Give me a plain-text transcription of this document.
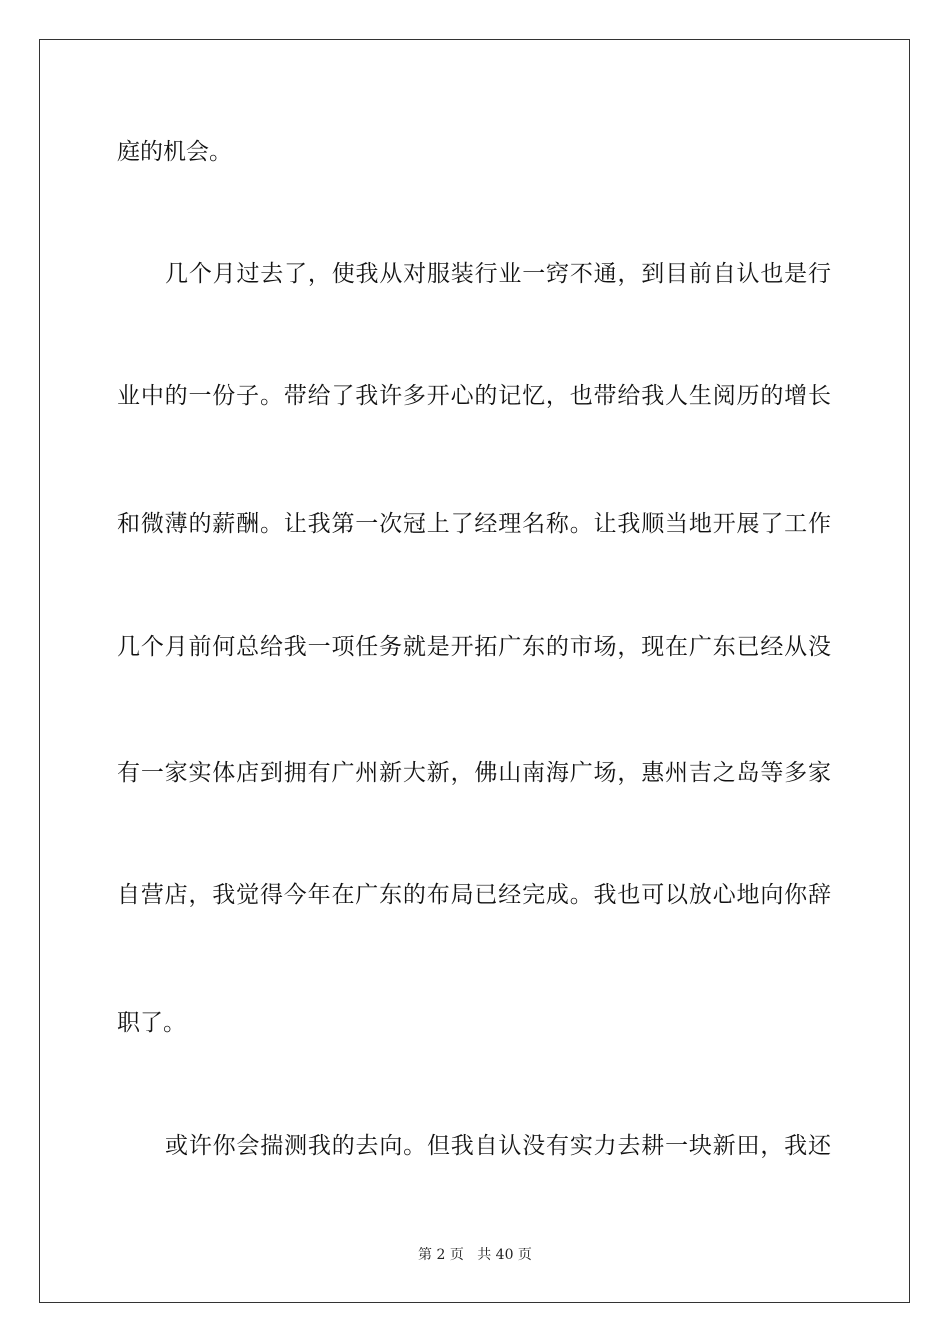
庭的机会。
几个月过去了，使我从对服装行业一窍不通，到目前自认也是行
业中的一份子。带给了我许多开心的记忆，也带给我人生阅历的增长
和微薄的薪酬。让我第一次冠上了经理名称。让我顺当地开展了工作
几个月前何总给我一项任务就是开拓广东的市场，现在广东已经从没
有一家实体店到拥有广州新大新，佛山南海广场，惠州吉之岛等多家
自营店，我觉得今年在广东的布局已经完成。我也可以放心地向你辞
职了。
或许你会揣测我的去向。但我自认没有实力去耕一块新田，我还
第 2 页 共 40 页
